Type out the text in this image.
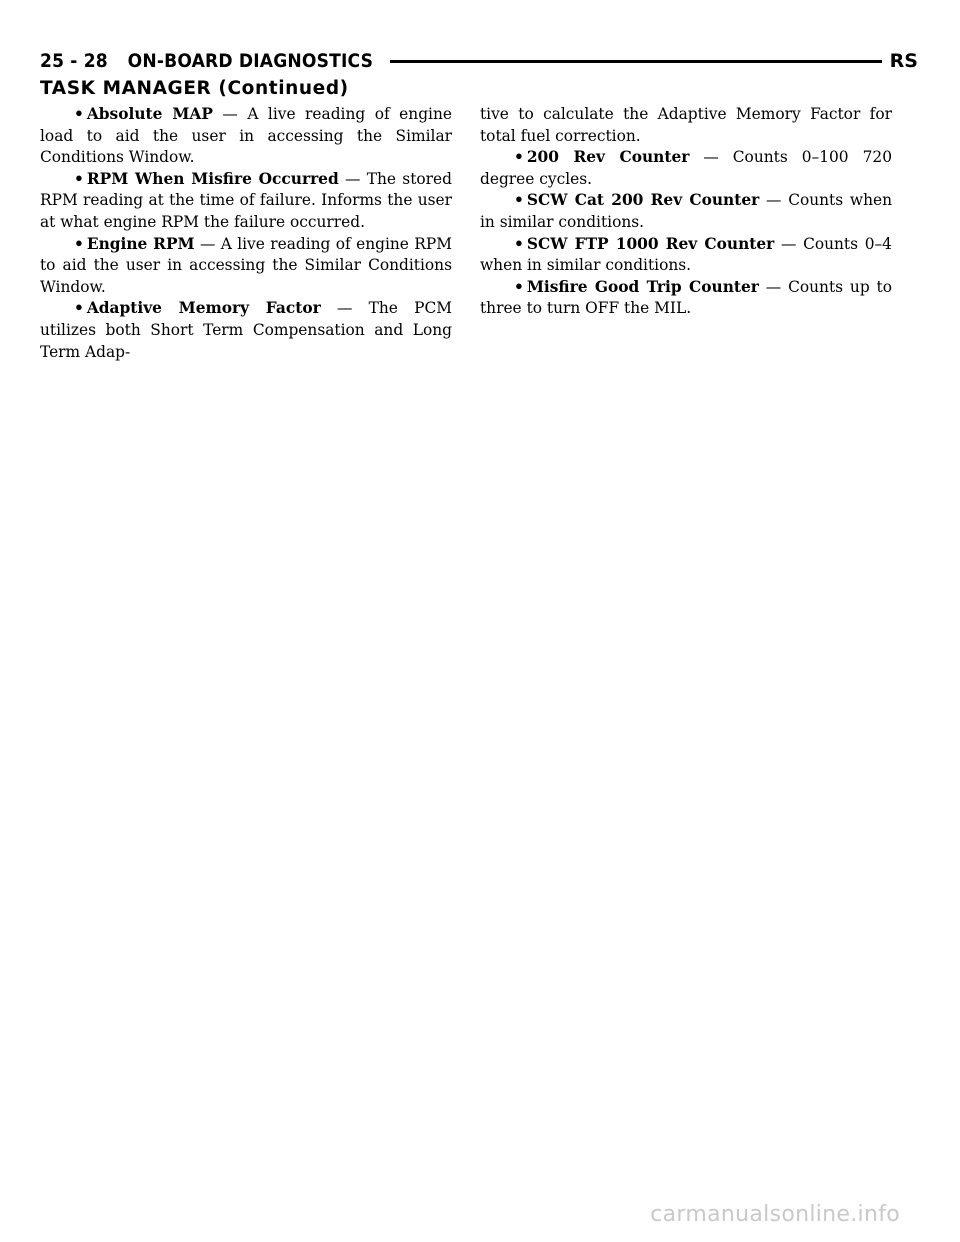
25 - 28 ON-BOARD DIAGNOSTICS	RS
TASK MANAGER (Continued)

• Absolute MAP — A live reading of engine load to aid the user in accessing the Similar Conditions Window.

• RPM When Misfire Occurred — The stored RPM reading at the time of failure. Informs the user at what engine RPM the failure occurred.

• Engine RPM — A live reading of engine RPM to aid the user in accessing the Similar Conditions Window.

• Adaptive Memory Factor — The PCM utilizes both Short Term Compensation and Long Term Adap-

tive to calculate the Adaptive Memory Factor for total fuel correction.

• 200 Rev Counter — Counts 0–100 720 degree cycles.

• SCW Cat 200 Rev Counter — Counts when in similar conditions.

• SCW FTP 1000 Rev Counter — Counts 0–4 when in similar conditions.

• Misfire Good Trip Counter — Counts up to three to turn OFF the MIL.

carmanualsonline.info
